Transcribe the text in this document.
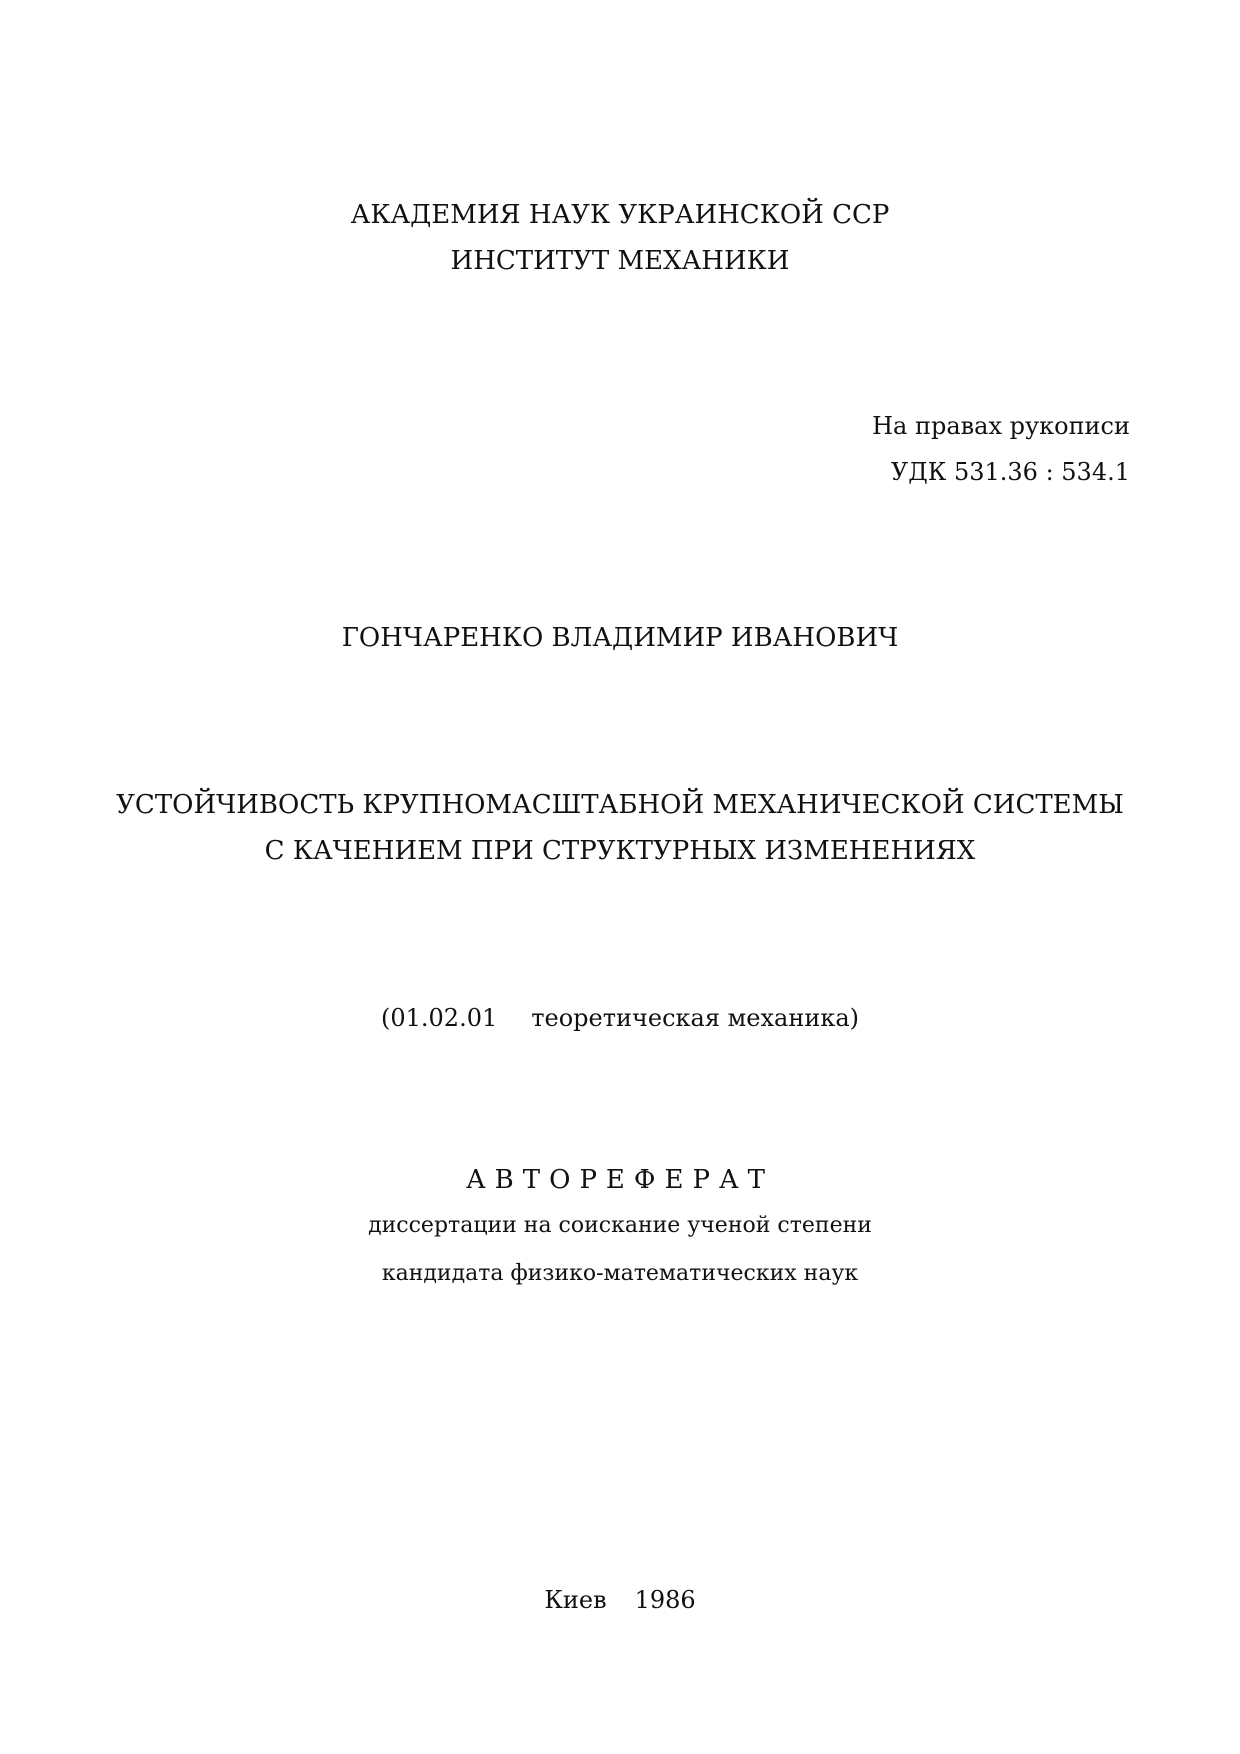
АКАДЕМИЯ НАУК УКРАИНСКОЙ ССР
ИНСТИТУТ МЕХАНИКИ
На правах рукописи
УДК 531.36 : 534.1
ГОНЧАРЕНКО ВЛАДИМИР ИВАНОВИЧ
УСТОЙЧИВОСТЬ КРУПНОМАСШТАБНОЙ МЕХАНИЧЕСКОЙ СИСТЕМЫ
С КАЧЕНИЕМ ПРИ СТРУКТУРНЫХ ИЗМЕНЕНИЯХ
(01.02.01 теоретическая механика)
АВТОРЕФЕРАТ
диссертации на соискание ученой степени
кандидата физико-математических наук
Киев 1986
